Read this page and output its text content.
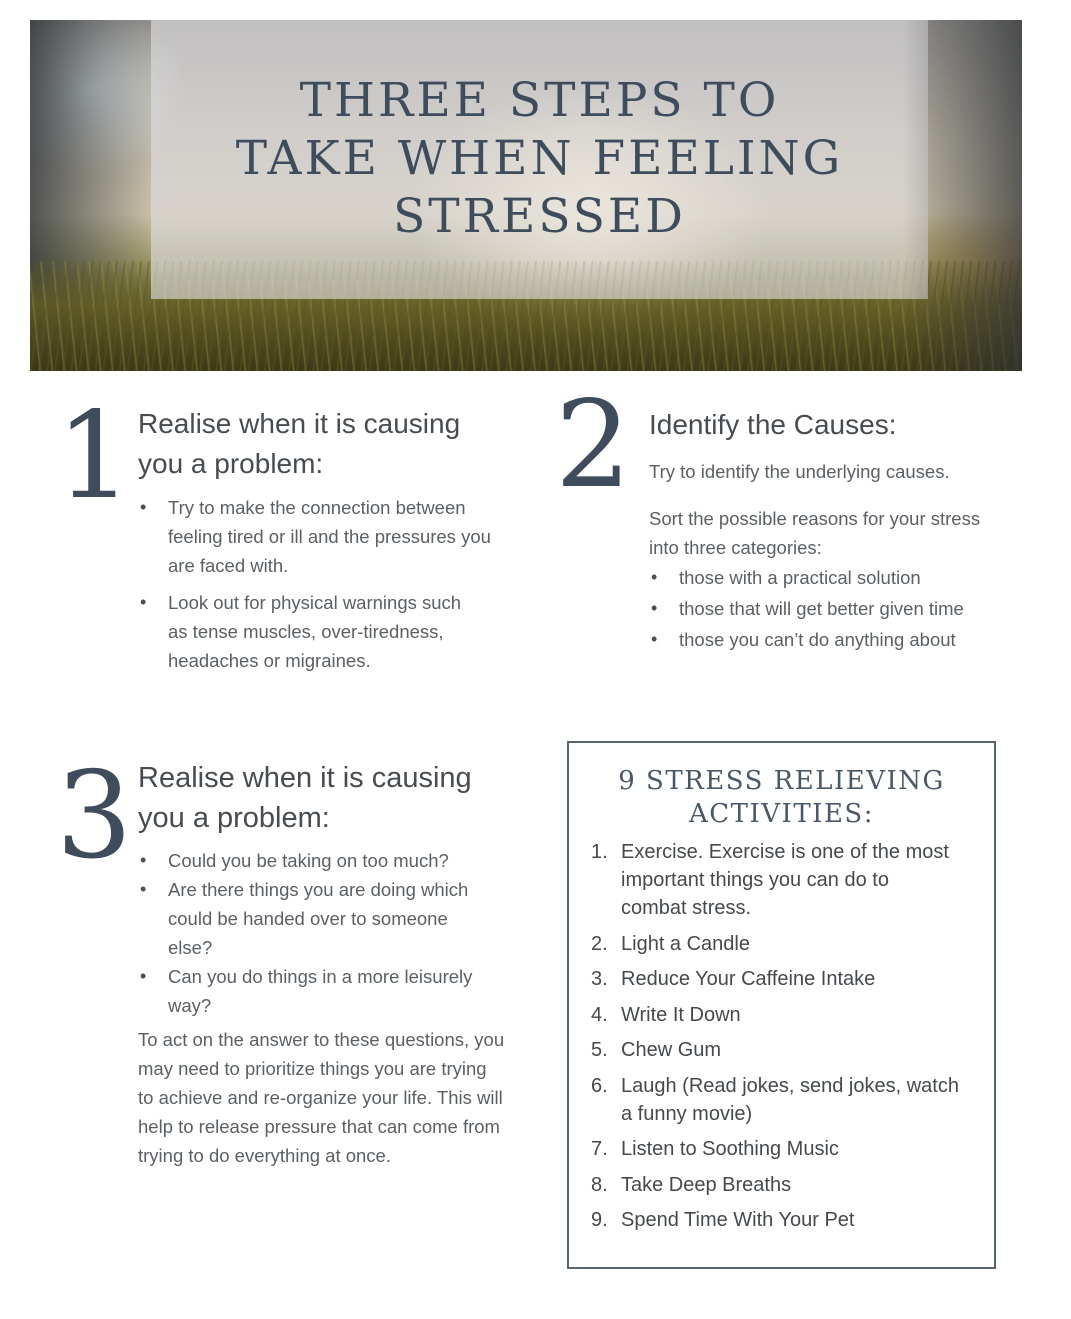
THREE STEPS TO
TAKE WHEN FEELING
STRESSED
1 Realise when it is causing
you a problem:
• Try to make the connection between
feeling tired or ill and the pressures you
are faced with.
• Look out for physical warnings such
as tense muscles, over-tiredness,
headaches or migraines.
2 Identify the Causes:

Try to identify the underlying causes.

Sort the possible reasons for your stress
into three categories:

• those with a practical solution
• those that will get better given time
• those you can’t do anything about
3 Realise when it is causing
you a problem:
• Could you be taking on too much?
• Are there things you are doing which
could be handed over to someone
else?
• Can you do things in a more leisurely
way?

To act on the answer to these questions, you
may need to prioritize things you are trying
to achieve and re-organize your life. This will
help to release pressure that can come from
trying to do everything at once.

9 STRESS RELIEVING
ACTIVITIES:
1. Exercise. Exercise is one of the most
important things you can do to
combat stress.
2. Light a Candle
3. Reduce Your Caffeine Intake
4. Write It Down
5. Chew Gum
6. Laugh (Read jokes, send jokes, watch
a funny movie)
7. Listen to Soothing Music
8. Take Deep Breaths
9. Spend Time With Your Pet
